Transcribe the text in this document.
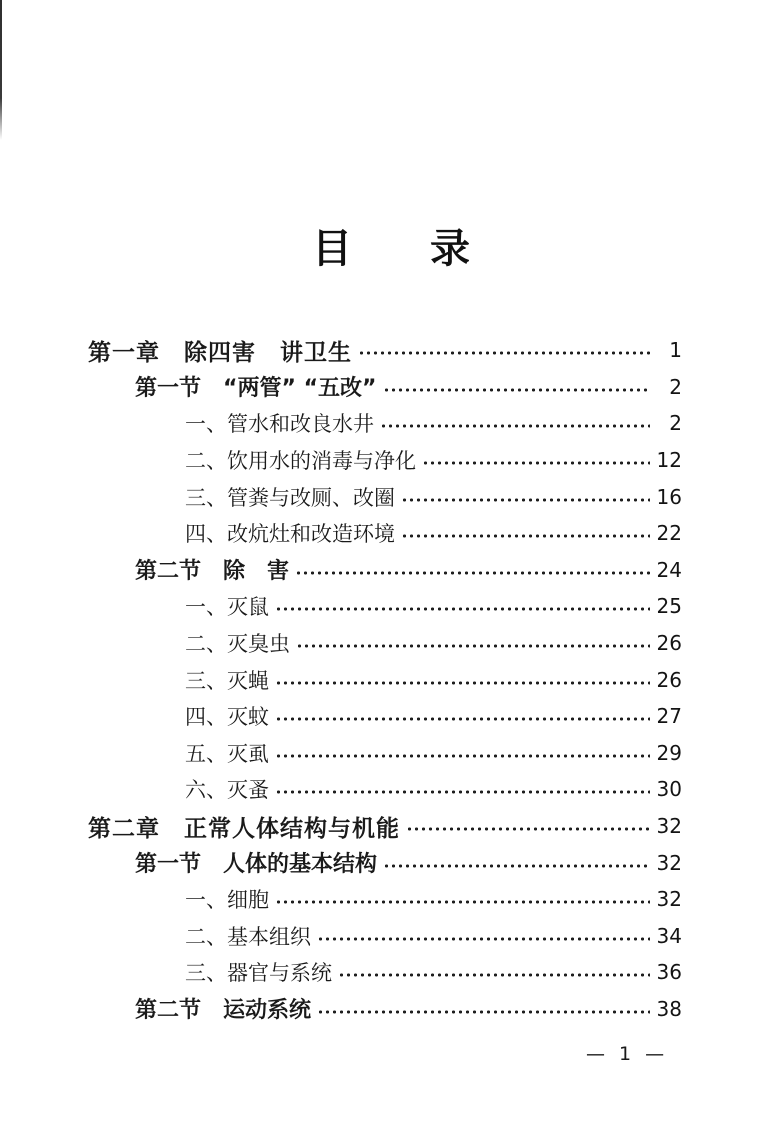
目 录
第一章　除四害　讲卫生	1
第一节　“两管” “五改”	2
一、管水和改良水井	2
二、饮用水的消毒与净化	12
三、管粪与改厕、改圈	16
四、改炕灶和改造环境	22
第二节　除　害	24
一、灭鼠	25
二、灭臭虫	26
三、灭蝇	26
四、灭蚊	27
五、灭虱	29
六、灭蚤	30
第二章　正常人体结构与机能	32
第一节　人体的基本结构	32
一、细胞	32
二、基本组织	34
三、器官与系统	36
第二节　运动系统	38
— 1 —
